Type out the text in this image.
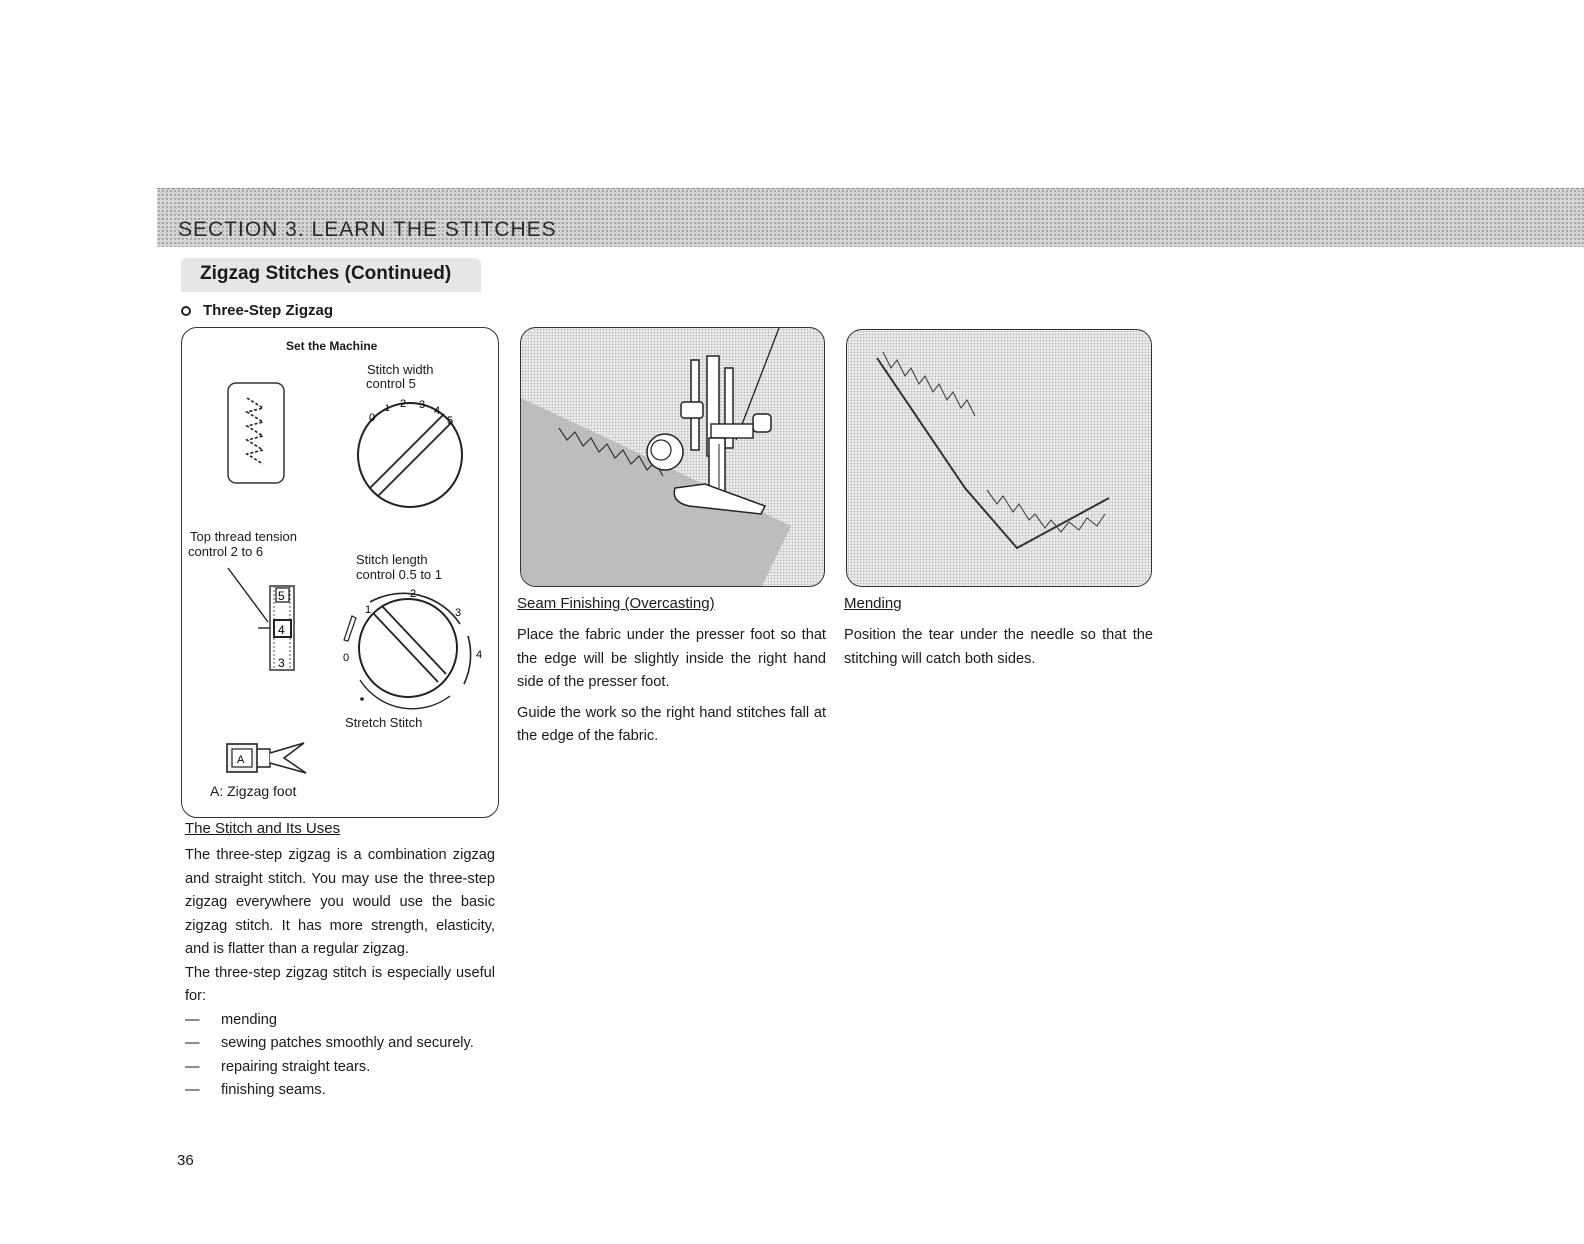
SECTION 3. LEARN THE STITCHES
Zigzag Stitches (Continued)

Three-Step Zigzag

Set the Machine

Stitch width

control 5

0
1 2 3 4
5

Top thread tension

control 2 to 6

5
4
3

Stitch length

control 0.5 to 1

1
2
3
4
0

Stretch Stitch

A

A: Zigzag foot

The Stitch and Its Uses

The three-step zigzag is a combination zigzag and straight stitch. You may use the three-step zigzag everywhere you would use the basic zigzag stitch. It has more strength, elasticity, and is flatter than a regular zigzag.

The three-step zigzag stitch is especially useful for:

— mending

— sewing patches smoothly and securely.

— repairing straight tears.

— finishing seams.

36

Seam Finishing (Overcasting)

Place the fabric under the presser foot so that the edge will be slightly inside the right hand side of the presser foot.

Guide the work so the right hand stitches fall at the edge of the fabric.

Mending

Position the tear under the needle so that the stitching will catch both sides.
